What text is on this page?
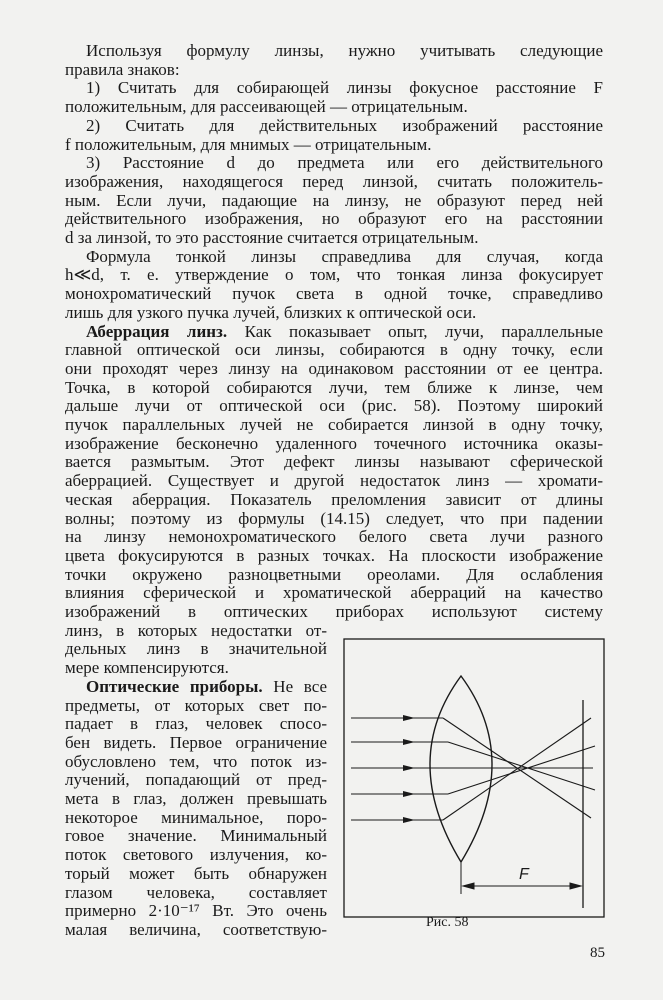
Используя формулу линзы, нужно учитывать следующие
правила знаков:
1) Считать для собирающей линзы фокусное расстояние F
положительным, для рассеивающей — отрицательным.
2) Считать для действительных изображений расстояние
f положительным, для мнимых — отрицательным.
3) Расстояние d до предмета или его действительного
изображения, находящегося перед линзой, считать положитель-
ным. Если лучи, падающие на линзу, не образуют перед ней
действительного изображения, но образуют его на расстоянии
d за линзой, то это расстояние считается отрицательным.
Формула тонкой линзы справедлива для случая, когда
h≪d, т. е. утверждение о том, что тонкая линза фокусирует
монохроматический пучок света в одной точке, справедливо
лишь для узкого пучка лучей, близких к оптической оси.
Аберрация линз. Как показывает опыт, лучи, параллельные
главной оптической оси линзы, собираются в одну точку, если
они проходят через линзу на одинаковом расстоянии от ее центра.
Точка, в которой собираются лучи, тем ближе к линзе, чем
дальше лучи от оптической оси (рис. 58). Поэтому широкий
пучок параллельных лучей не собирается линзой в одну точку,
изображение бесконечно удаленного точечного источника оказы-
вается размытым. Этот дефект линзы называют сферической
аберрацией. Существует и другой недостаток линз — хромати-
ческая аберрация. Показатель преломления зависит от длины
волны; поэтому из формулы (14.15) следует, что при падении
на линзу немонохроматического белого света лучи разного
цвета фокусируются в разных точках. На плоскости изображение
точки окружено разноцветными ореолами. Для ослабления
влияния сферической и хроматической аберраций на качество
изображений в оптических приборах используют систему
линз, в которых недостатки от-
дельных линз в значительной
мере компенсируются.
Оптические приборы. Не все
предметы, от которых свет по-
падает в глаз, человек спосо-
бен видеть. Первое ограничение
обусловлено тем, что поток из-
лучений, попадающий от пред-
мета в глаз, должен превышать
некоторое минимальное, поро-
говое значение. Минимальный
поток светового излучения, ко-
торый может быть обнаружен
глазом человека, составляет
примерно 2·10⁻¹⁷ Вт. Это очень
малая величина, соответствую-
F
Рис. 58
85
